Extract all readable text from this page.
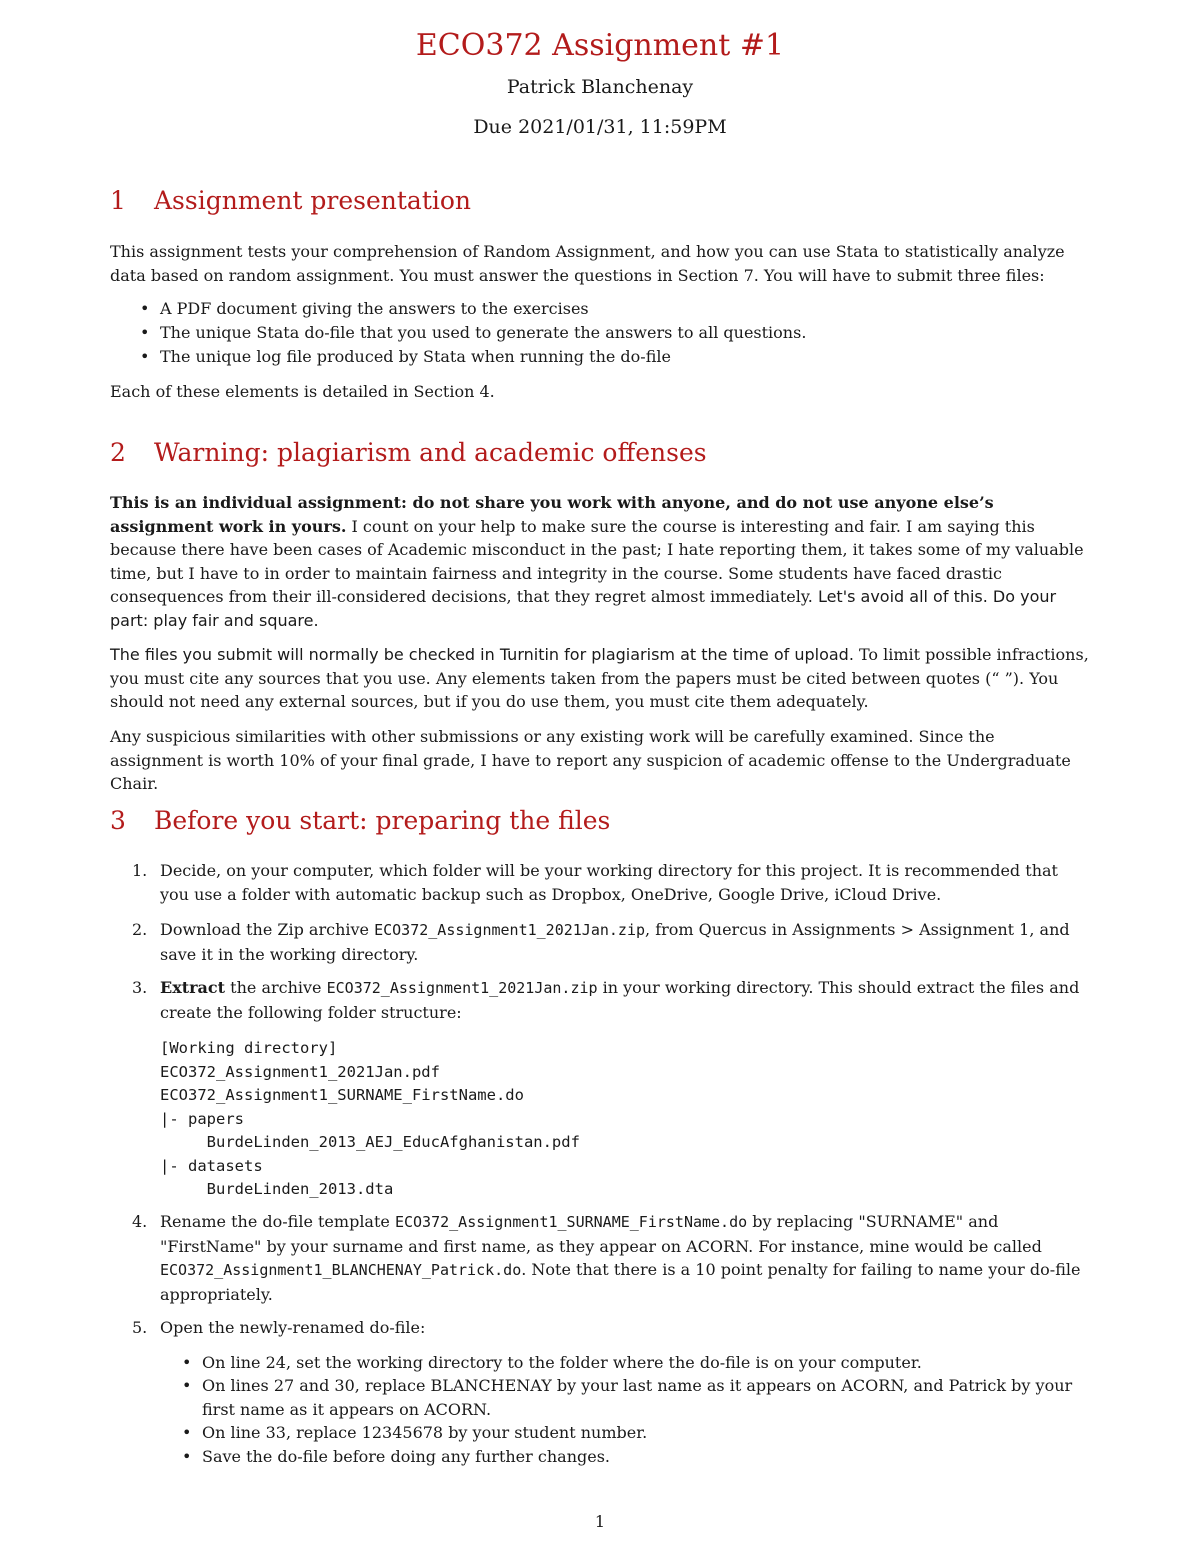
ECO372 Assignment #1
Patrick Blanchenay
Due 2021/01/31, 11:59PM
1 Assignment presentation

This assignment tests your comprehension of Random Assignment, and how you can use Stata to statistically analyze data based on random assignment. You must answer the questions in Section 7. You will have to submit three files:

• A PDF document giving the answers to the exercises
• The unique Stata do-file that you used to generate the answers to all questions.
• The unique log file produced by Stata when running the do-file

Each of these elements is detailed in Section 4.

2 Warning: plagiarism and academic offenses

This is an individual assignment: do not share you work with anyone, and do not use anyone else’s assignment work in yours. I count on your help to make sure the course is interesting and fair. I am saying this because there have been cases of Academic misconduct in the past; I hate reporting them, it takes some of my valuable time, but I have to in order to maintain fairness and integrity in the course. Some students have faced drastic consequences from their ill-considered decisions, that they regret almost immediately. Let's avoid all of this. Do your part: play fair and square.

The files you submit will normally be checked in Turnitin for plagiarism at the time of upload. To limit possible infractions, you must cite any sources that you use. Any elements taken from the papers must be cited between quotes (“ ”). You should not need any external sources, but if you do use them, you must cite them adequately.

Any suspicious similarities with other submissions or any existing work will be carefully examined. Since the assignment is worth 10% of your final grade, I have to report any suspicion of academic offense to the Undergraduate Chair.

3 Before you start: preparing the files
1. Decide, on your computer, which folder will be your working directory for this project. It is recommended that you use a folder with automatic backup such as Dropbox, OneDrive, Google Drive, iCloud Drive.
2. Download the Zip archive ECO372_Assignment1_2021Jan.zip, from Quercus in Assignments > Assignment 1, and save it in the working directory.
3. Extract the archive ECO372_Assignment1_2021Jan.zip in your working directory. This should extract the files and create the following folder structure:
[Working directory]
ECO372_Assignment1_2021Jan.pdf
ECO372_Assignment1_SURNAME_FirstName.do
|- papers
BurdeLinden_2013_AEJ_EducAfghanistan.pdf
|- datasets
BurdeLinden_2013.dta
4. Rename the do-file template ECO372_Assignment1_SURNAME_FirstName.do by replacing "SURNAME" and "FirstName" by your surname and first name, as they appear on ACORN. For instance, mine would be called ECO372_Assignment1_BLANCHENAY_Patrick.do. Note that there is a 10 point penalty for failing to name your do-file appropriately.
5. Open the newly-renamed do-file:
• On line 24, set the working directory to the folder where the do-file is on your computer.
• On lines 27 and 30, replace BLANCHENAY by your last name as it appears on ACORN, and Patrick by your first name as it appears on ACORN.
• On line 33, replace 12345678 by your student number.
• Save the do-file before doing any further changes.
1
